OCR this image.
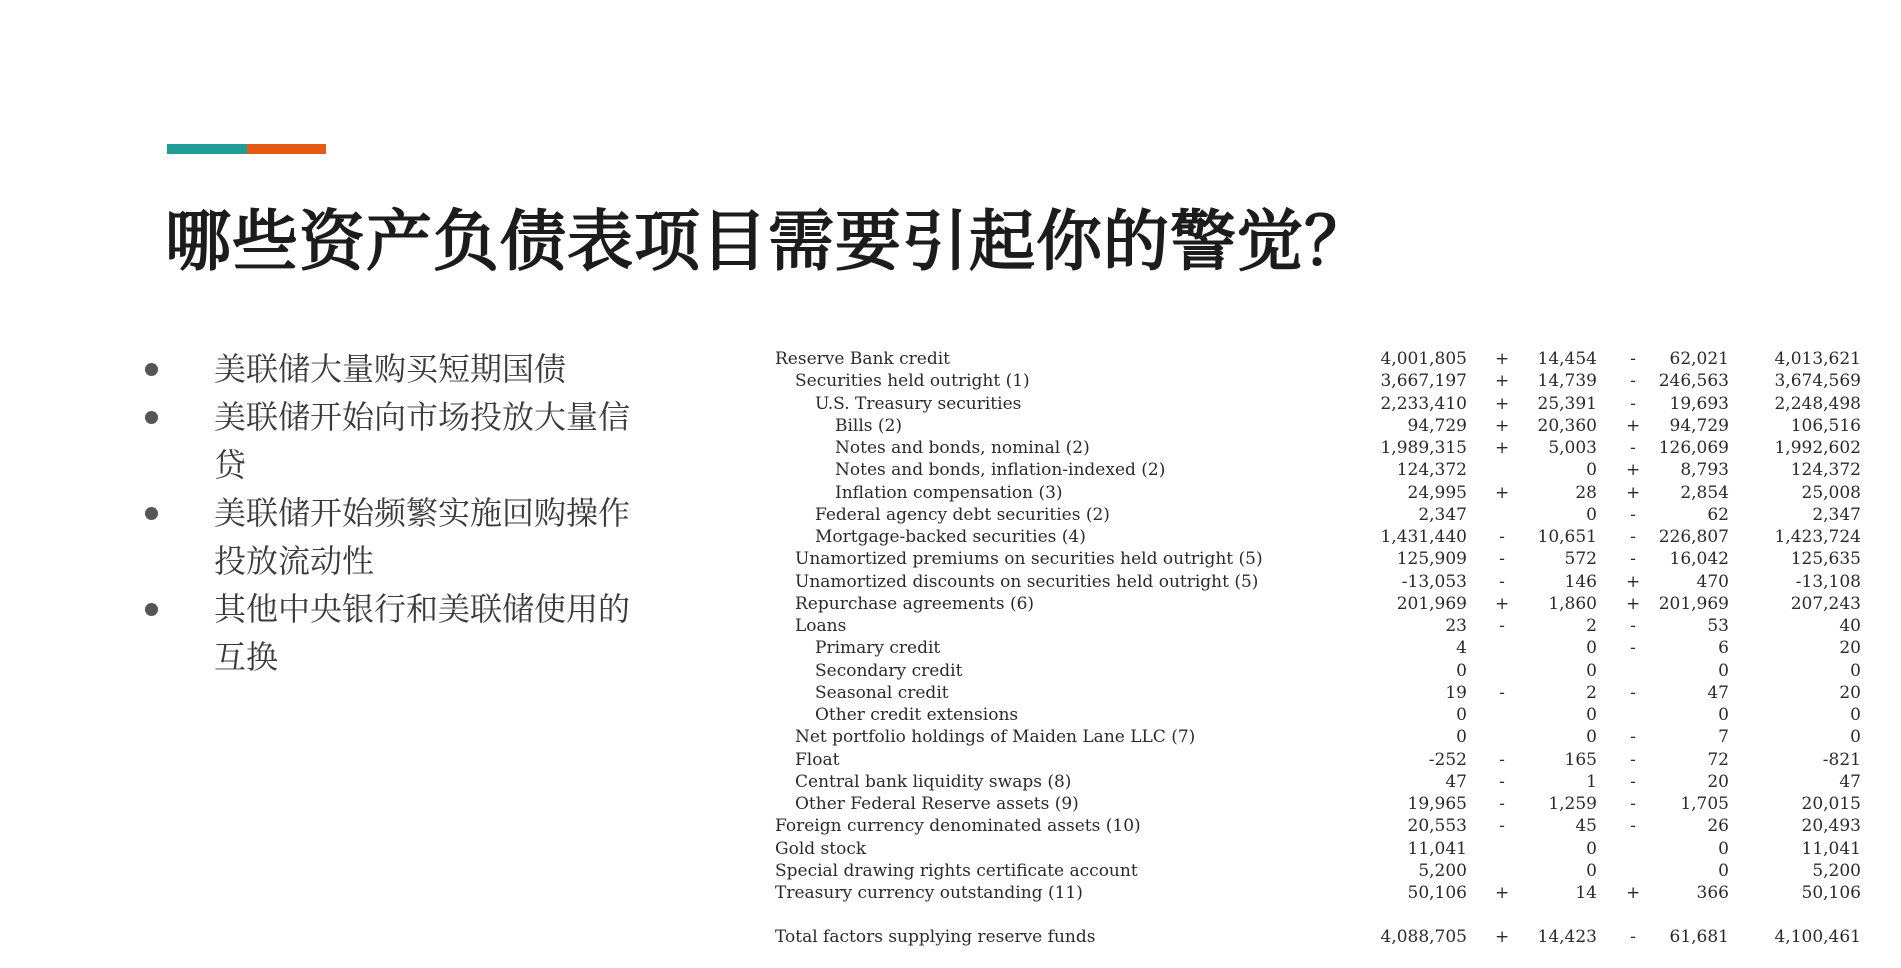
哪些资产负债表项目需要引起你的警觉？
美联储大量购买短期国债
美联储开始向市场投放大量信贷
美联储开始频繁实施回购操作投放流动性
其他中央银行和美联储使用的互换
Reserve Bank credit	4,001,805 +	14,454 -	62,021	4,013,621
Securities held outright (1)	3,667,197 +	14,739 -	246,563	3,674,569
U.S. Treasury securities	2,233,410 +	25,391 -	19,693	2,248,498
Bills (2)	94,729 +	20,360 +	94,729	106,516
Notes and bonds, nominal (2)	1,989,315 +	5,003 -	126,069	1,992,602
Notes and bonds, inflation-indexed (2)	124,372	0 +	8,793	124,372
Inflation compensation (3)	24,995 +	28 +	2,854	25,008
Federal agency debt securities (2)	2,347	0 -	62	2,347
Mortgage-backed securities (4)	1,431,440 -	10,651 -	226,807	1,423,724
Unamortized premiums on securities held outright (5)	125,909 -	572 -	16,042	125,635
Unamortized discounts on securities held outright (5)	-13,053 -	146 +	470	-13,108
Repurchase agreements (6)	201,969 +	1,860 +	201,969	207,243
Loans	23 -	2 -	53	40
Primary credit	4	0 -	6	20
Secondary credit	0	0	0	0
Seasonal credit	19 -	2 -	47	20
Other credit extensions	0	0	0	0
Net portfolio holdings of Maiden Lane LLC (7)	0	0 -	7	0
Float	-252 -	165 -	72	-821
Central bank liquidity swaps (8)	47 -	1 -	20	47
Other Federal Reserve assets (9)	19,965 -	1,259 -	1,705	20,015
Foreign currency denominated assets (10)	20,553 -	45 -	26	20,493
Gold stock	11,041	0	0	11,041
Special drawing rights certificate account	5,200	0	0	5,200
Treasury currency outstanding (11)	50,106 +	14 +	366	50,106
Total factors supplying reserve funds	4,088,705 +	14,423 -	61,681	4,100,461
